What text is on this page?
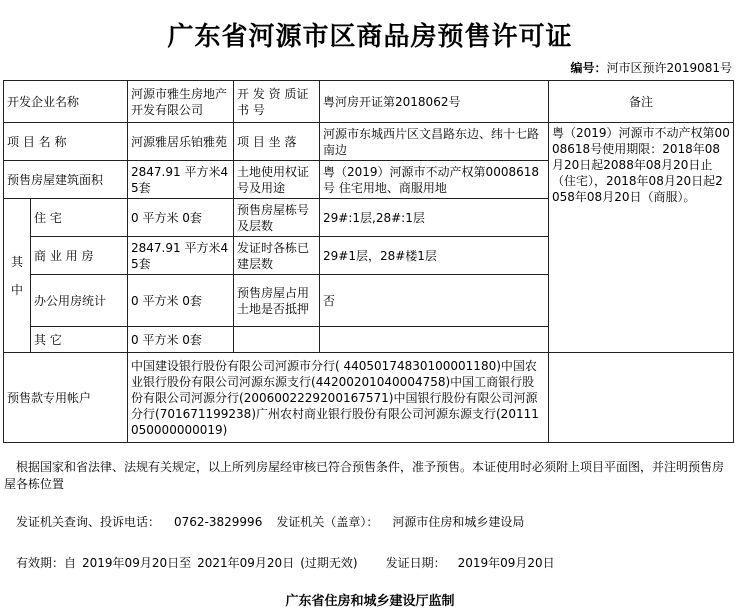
广东省河源市区商品房预售许可证
编号：河市区预许2019081号
开发企业名称		河源市雅生房地产开发有限公司	开 发 资 质证 书 号	粤河房开证第2018062号	备注	
项 目 名 称		河源雅居乐铂雅苑	项 目 坐 落	河源市东城西片区文昌路东边、纬十七路南边	粤（2019）河源市不动产权第0008618号使用期限：2018年08月20日起2088年08月20日止（住宅），2018年08月20日起2058年08月20日（商服）。	
预售房屋建筑面积		2847.91 平方米45套	土地使用权证号及用途	粤（2019）河源市不动产权第0008618号 住宅用地、商服用地		
其中	住 宅	0 平方米 0套	预售房屋栋号及层数	29#:1层,28#:1层		
	商 业 用 房	2847.91 平方米45套	发证时各栋已建层数	29#1层，28#楼1层		
	办公用房统计	0 平方米 0套	预售房屋占用土地是否抵押	否		
	其 它	0 平方米 0套				
预售款专用帐户		中国建设银行股份有限公司河源市分行( 44050174830100001180)中国农业银行股份有限公司河源东源支行(44200201040004758)中国工商银行股份有限公司河源分行(2006002229200167571)中国银行股份有限公司河源分行(701671199238)广州农村商业银行股份有限公司河源东源支行(20111050000000019)				
根据国家和省法律、法规有关规定，以上所列房屋经审核已符合预售条件，准予预售。本证使用时必须附上项目平面图，并注明预售房屋各栋位置
发证机关查询、投诉电话： 0762-3829996 发证机关（盖章）： 河源市住房和城乡建设局
有效期：自 2019年09月20日至 2021年09月20日 (过期无效) 发证日期： 2019年09月20日
广东省住房和城乡建设厅监制
